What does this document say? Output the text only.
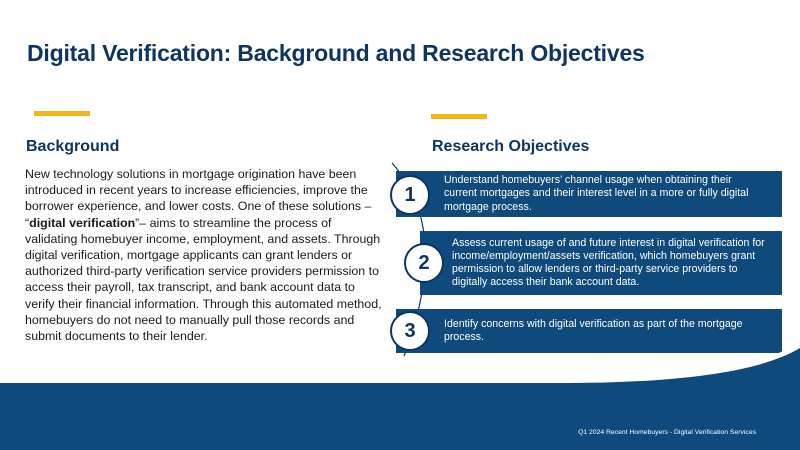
Digital Verification: Background and Research Objectives
Background	Research Objectives
New technology solutions in mortgage origination have been introduced in recent years to increase efficiencies, improve the borrower experience, and lower costs. One of these solutions – “digital verification”– aims to streamline the process of validating homebuyer income, employment, and assets. Through digital verification, mortgage applicants can grant lenders or authorized third-party verification service providers permission to access their payroll, tax transcript, and bank account data to verify their financial information. Through this automated method, homebuyers do not need to manually pull those records and submit documents to their lender.
Understand homebuyers’ channel usage when obtaining their current mortgages and their interest level in a more or fully digital mortgage process.
Assess current usage of and future interest in digital verification for income/employment/assets verification, which homebuyers grant permission to allow lenders or third-party service providers to digitally access their bank account data.
Identify concerns with digital verification as part of the mortgage process.
1
2
3
Q1 2024 Recent Homebuyers - Digital Verification Services
